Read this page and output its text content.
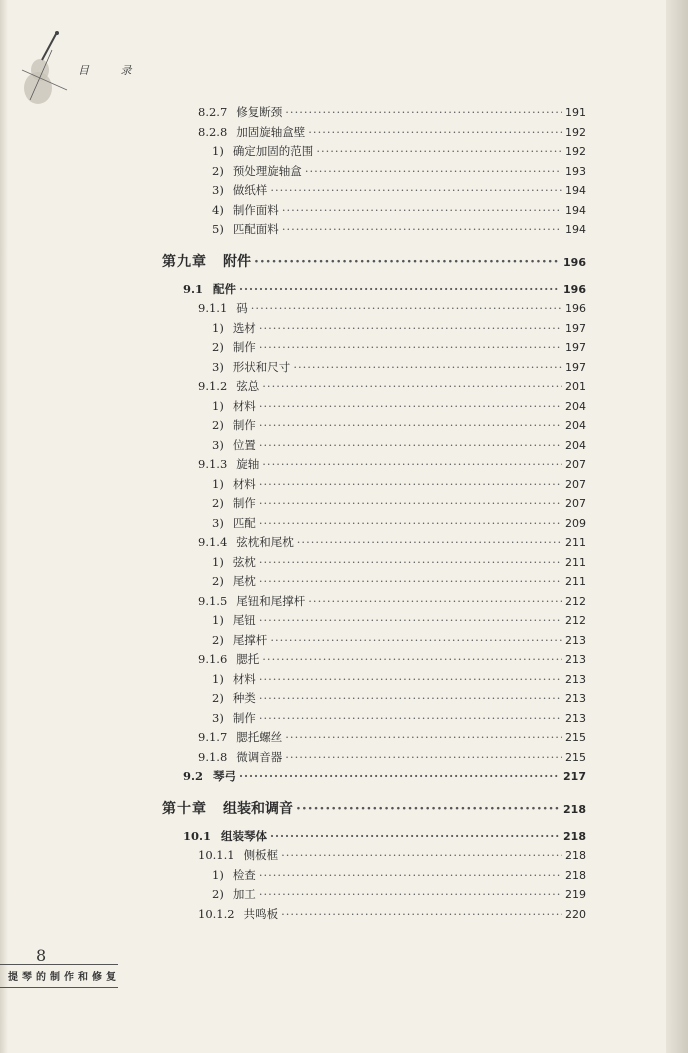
目 录
8.2.7 修复断颈 ·····	191
8.2.8 加固旋轴盒壁 ·····	192
1) 确定加固的范围 ·····	192
2) 预处理旋轴盒 ·····	193
3) 做纸样 ·····	194
4) 制作面料 ·····	194
5) 匹配面料 ·····	194
第九章 附件 ·····	196
9.1 配件 ·····	196
9.1.1 码 ·····	196
1) 选材 ·····	197
2) 制作 ·····	197
3) 形状和尺寸 ·····	197
9.1.2 弦总 ·····	201
1) 材料 ·····	204
2) 制作 ·····	204
3) 位置 ·····	204
9.1.3 旋轴 ·····	207
1) 材料 ·····	207
2) 制作 ·····	207
3) 匹配 ·····	209
9.1.4 弦枕和尾枕 ·····	211
1) 弦枕 ·····	211
2) 尾枕 ·····	211
9.1.5 尾钮和尾撑杆 ·····	212
1) 尾钮 ·····	212
2) 尾撑杆 ·····	213
9.1.6 腮托 ·····	213
1) 材料 ·····	213
2) 种类 ·····	213
3) 制作 ·····	213
9.1.7 腮托螺丝 ·····	215
9.1.8 微调音器 ·····	215
9.2 琴弓 ·····	217
第十章 组装和调音 ·····	218
10.1 组装琴体 ·····	218
10.1.1 侧板框 ·····	218
1) 检查 ·····	218
2) 加工 ·····	219
10.1.2 共鸣板 ·····	220
8
提琴的制作和修复
